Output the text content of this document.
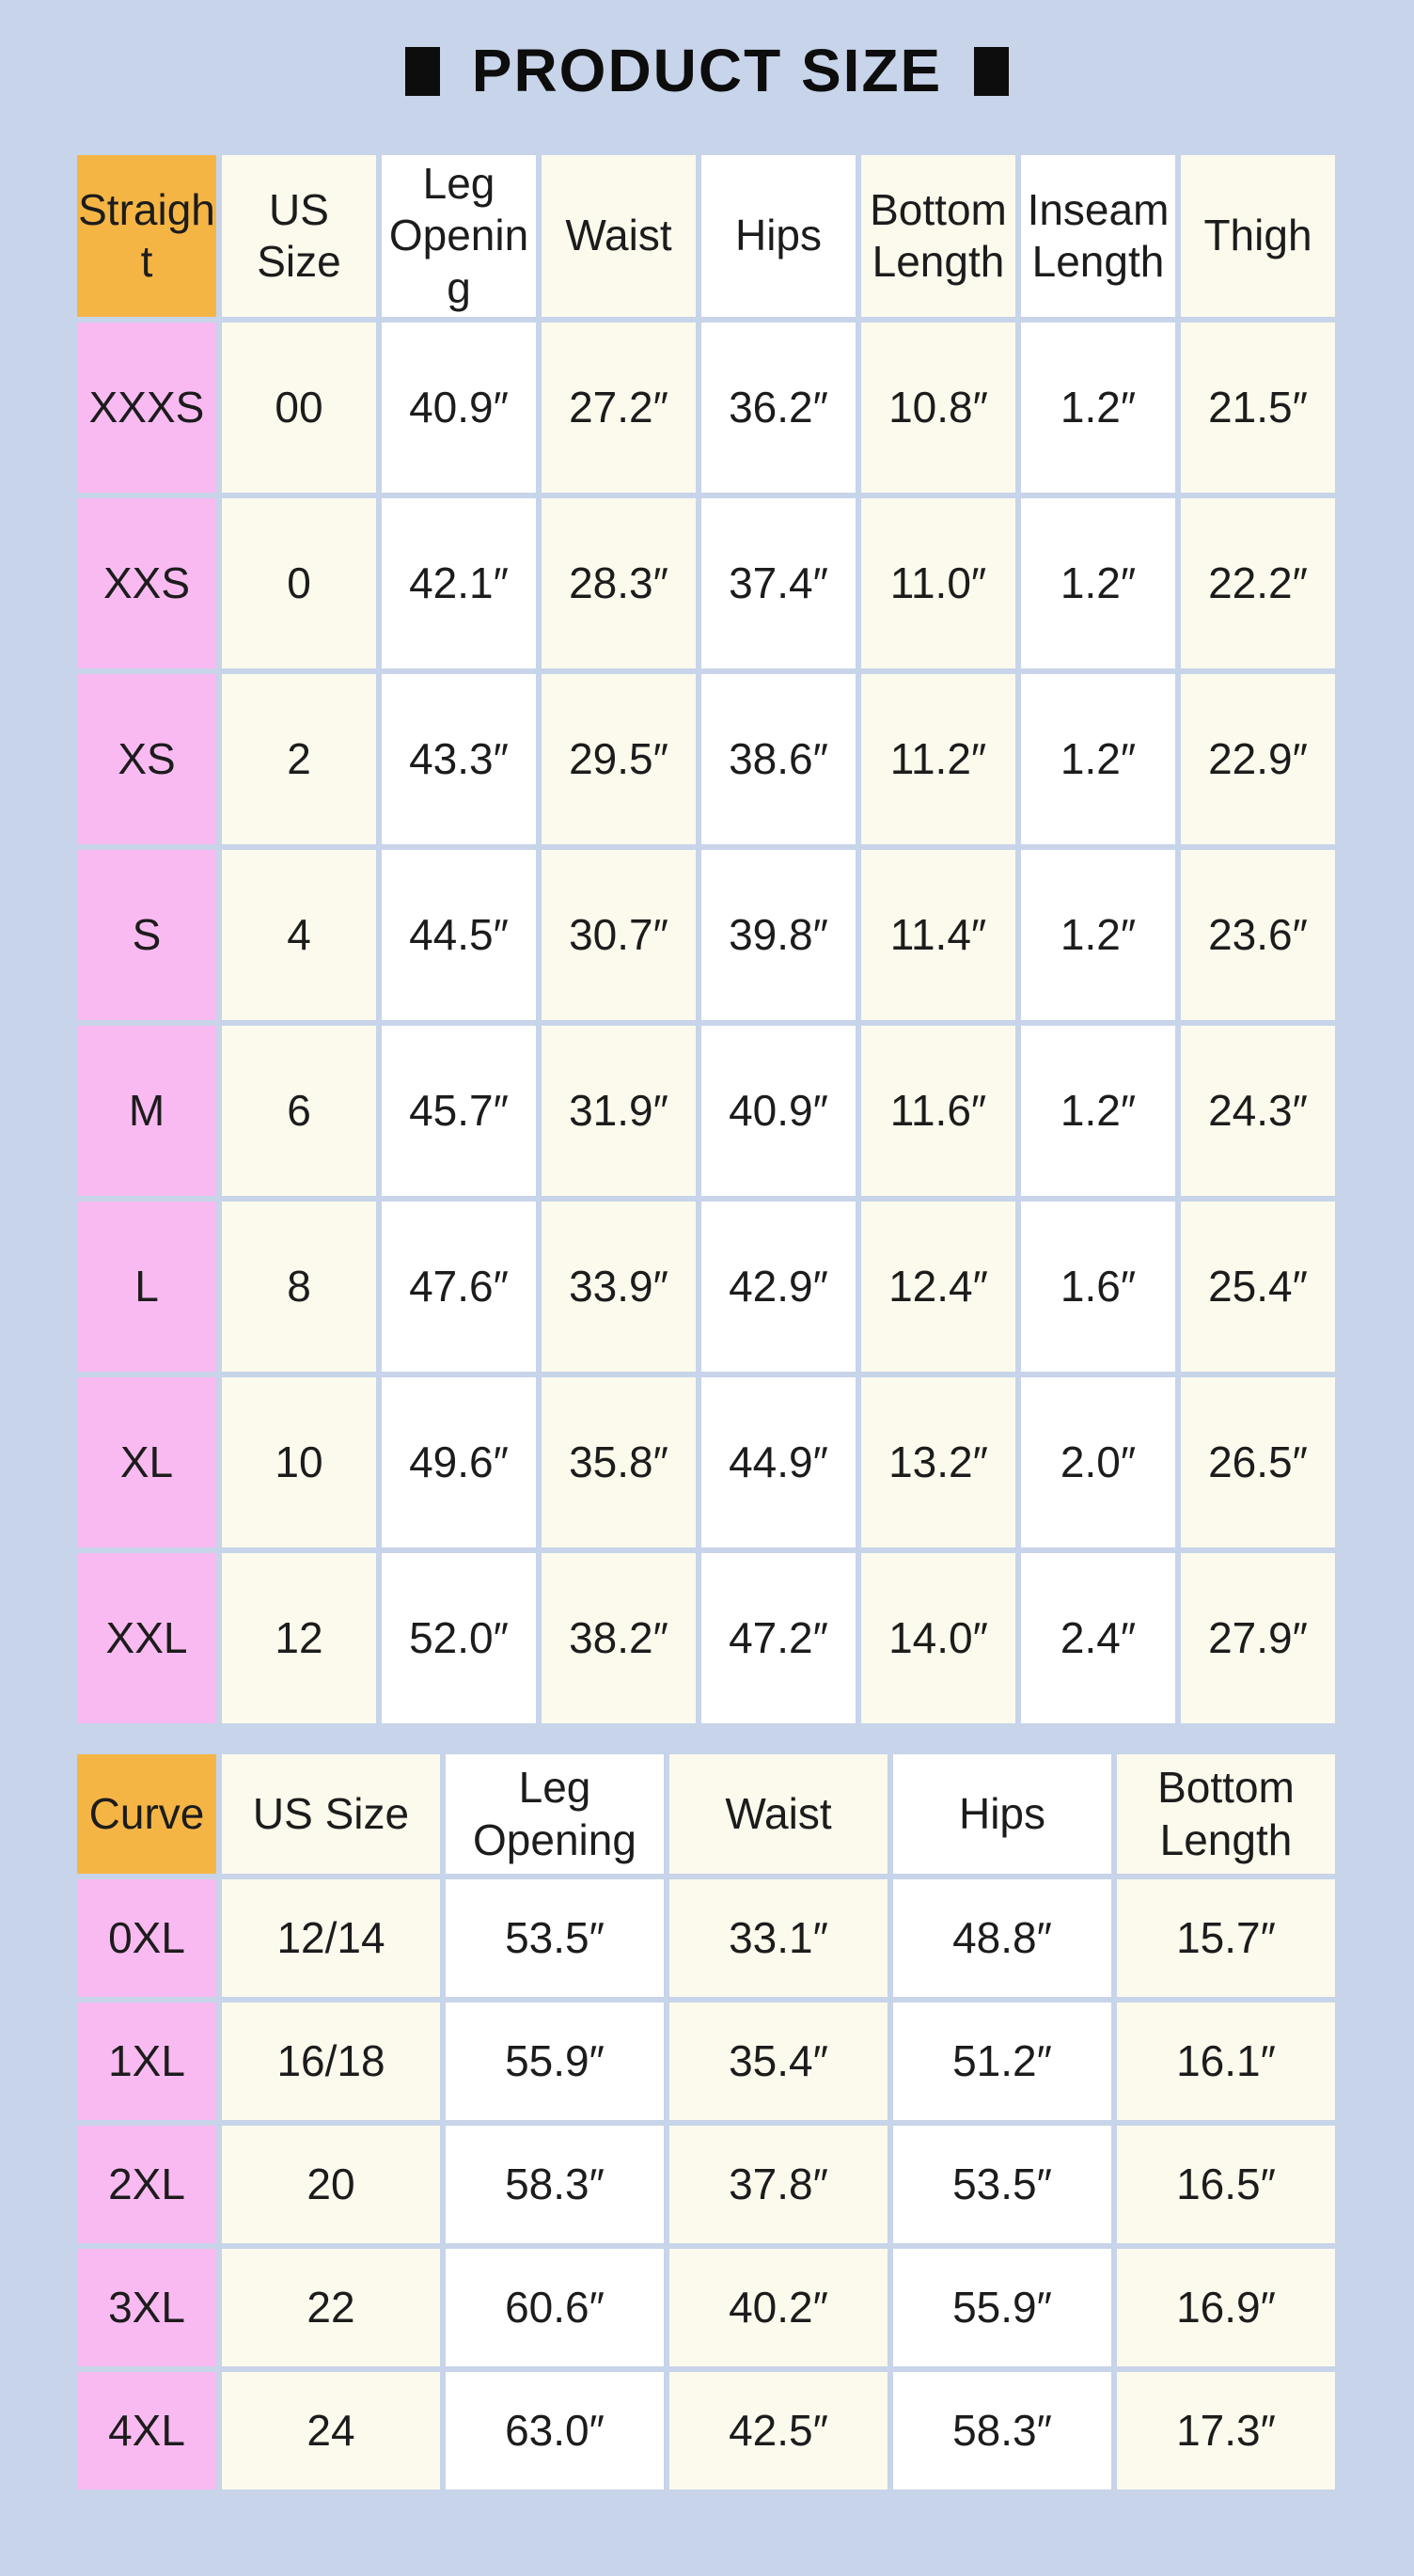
PRODUCT SIZE
Straight	US Size	Leg Opening	Waist	Hips	Bottom Length	Inseam Length	Thigh
XXXS	00	40.9″	27.2″	36.2″	10.8″	1.2″	21.5″
XXS	0	42.1″	28.3″	37.4″	11.0″	1.2″	22.2″
XS	2	43.3″	29.5″	38.6″	11.2″	1.2″	22.9″
S	4	44.5″	30.7″	39.8″	11.4″	1.2″	23.6″
M	6	45.7″	31.9″	40.9″	11.6″	1.2″	24.3″
L	8	47.6″	33.9″	42.9″	12.4″	1.6″	25.4″
XL	10	49.6″	35.8″	44.9″	13.2″	2.0″	26.5″
XXL	12	52.0″	38.2″	47.2″	14.0″	2.4″	27.9″
Curve	US Size	Leg Opening	Waist	Hips	Bottom Length
0XL	12/14	53.5″	33.1″	48.8″	15.7″
1XL	16/18	55.9″	35.4″	51.2″	16.1″
2XL	20	58.3″	37.8″	53.5″	16.5″
3XL	22	60.6″	40.2″	55.9″	16.9″
4XL	24	63.0″	42.5″	58.3″	17.3″
